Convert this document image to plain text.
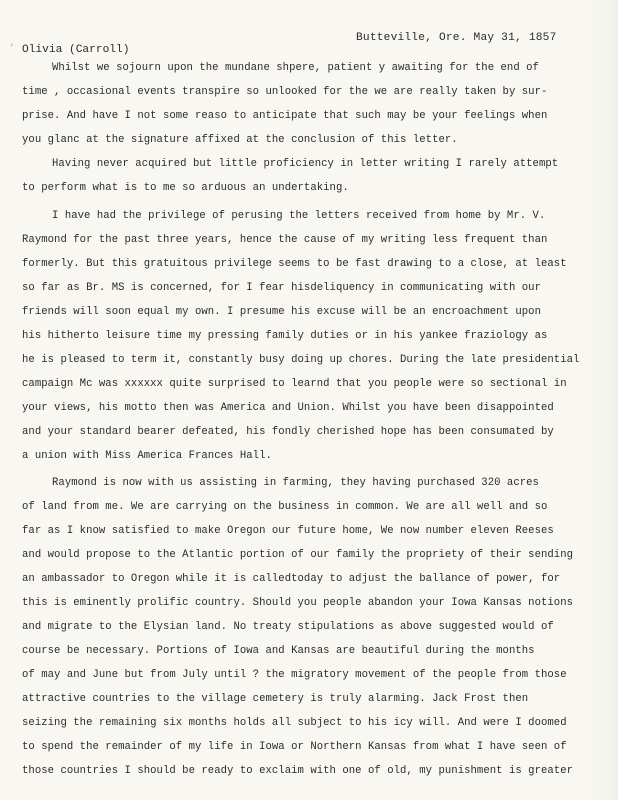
‘
Butteville, Ore. May 31, 1857
Olivia (Carroll)
Whilst we sojourn upon the mundane shpere, patient y awaiting for the end of
time , occasional events transpire so unlooked for the we are really taken by sur-
prise. And have I not some reaso to anticipate that such may be your feelings when
you glanc at the signature affixed at the conclusion of this letter.
Having never acquired but little proficiency in letter writing I rarely attempt
to perform what is to me so arduous an undertaking.
I have had the privilege of perusing the letters received from home by Mr. V.
Raymond for the past three years, hence the cause of my writing less frequent than
formerly. But this gratuitous privilege seems to be fast drawing to a close, at least
so far as Br. MS is concerned, for I fear hisdeliquency in communicating with our
friends will soon equal my own. I presume his excuse will be an encroachment upon
his hitherto leisure time my pressing family duties or in his yankee fraziology as
he is pleased to term it, constantly busy doing up chores. During the late presidential
campaign Mc was xxxxxx quite surprised to learnd that you people were so sectional in
your views, his motto then was America and Union. Whilst you have been disappointed
and your standard bearer defeated, his fondly cherished hope has been consumated by
a union with Miss America Frances Hall.
Raymond is now with us assisting in farming, they having purchased 320 acres
of land from me. We are carrying on the business in common. We are all well and so
far as I know satisfied to make Oregon our future home, We now number eleven Reeses
and would propose to the Atlantic portion of our family the propriety of their sending
an ambassador to Oregon while it is calledtoday to adjust the ballance of power, for
this is eminently prolific country. Should you people abandon your Iowa Kansas notions
and migrate to the Elysian land. No treaty stipulations as above suggested would of
course be necessary. Portions of Iowa and Kansas are beautiful during the months
of may and June but from July until ? the migratory movement of the people from those
attractive countries to the village cemetery is truly alarming. Jack Frost then
seizing the remaining six months holds all subject to his icy will. And were I doomed
to spend the remainder of my life in Iowa or Northern Kansas from what I have seen of
those countries I should be ready to exclaim with one of old, my punishment is greater
